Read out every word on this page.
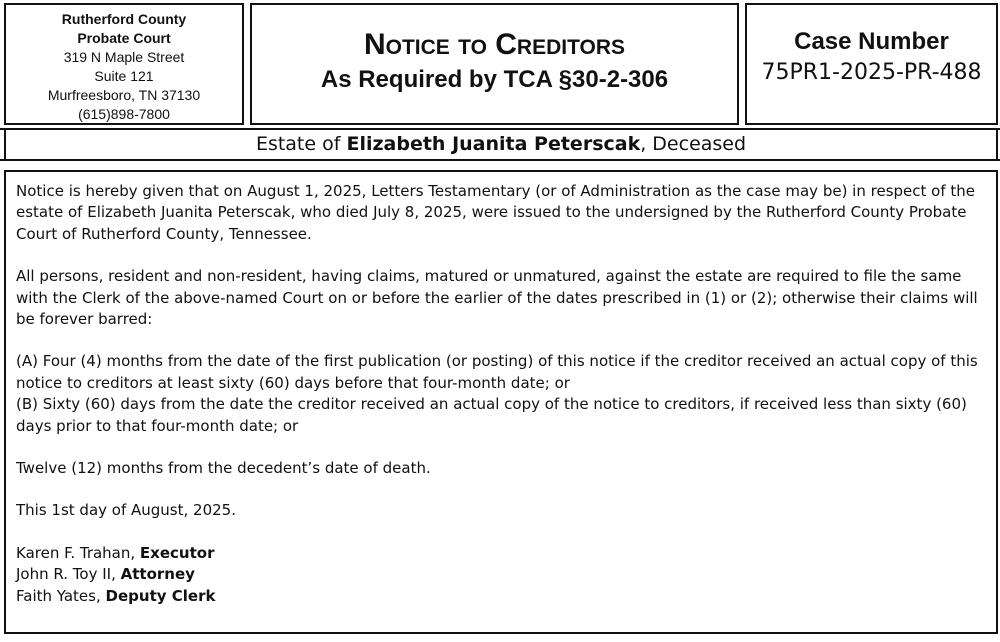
Rutherford County
Probate Court
319 N Maple Street
Suite 121
Murfreesboro, TN 37130
(615)898-7800
Notice to Creditors
As Required by TCA §30-2-306
Case Number
75PR1-2025-PR-488
Estate of Elizabeth Juanita Peterscak, Deceased

Notice is hereby given that on August 1, 2025, Letters Testamentary (or of Administration as the case may be) in respect of the estate of Elizabeth Juanita Peterscak, who died July 8, 2025, were issued to the undersigned by the Rutherford County Probate Court of Rutherford County, Tennessee.

All persons, resident and non-resident, having claims, matured or unmatured, against the estate are required to file the same with the Clerk of the above-named Court on or before the earlier of the dates prescribed in (1) or (2); otherwise their claims will be forever barred:

(A) Four (4) months from the date of the first publication (or posting) of this notice if the creditor received an actual copy of this notice to creditors at least sixty (60) days before that four-month date; or

(B) Sixty (60) days from the date the creditor received an actual copy of the notice to creditors, if received less than sixty (60) days prior to that four-month date; or

Twelve (12) months from the decedent’s date of death.

This 1st day of August, 2025.

Karen F. Trahan, Executor
John R. Toy II, Attorney
Faith Yates, Deputy Clerk
